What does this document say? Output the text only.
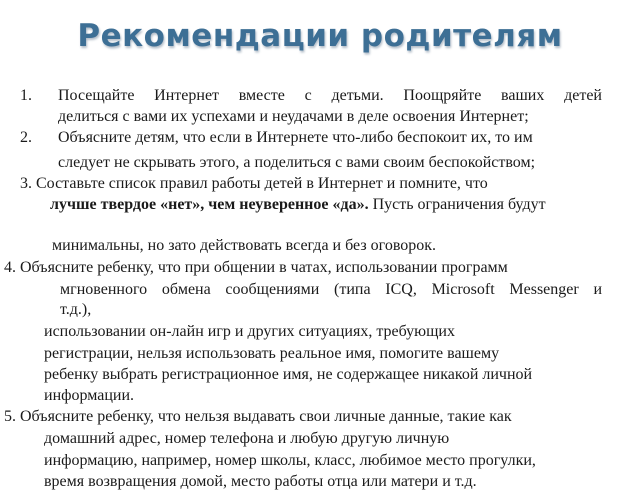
Рекомендации родителям
1. Посещайте Интернет вместе с детьми. Поощряйте ваших детей
делиться с вами их успехами и неудачами в деле освоения Интернет;
2. Объясните детям, что если в Интернете что-либо беспокоит их, то им
следует не скрывать этого, а поделиться с вами своим беспокойством;
3. Составьте список правил работы детей в Интернет и помните, что
лучше твердое «нет», чем неуверенное «да». Пусть ограничения будут
минимальны, но зато действовать всегда и без оговорок.
4. Объясните ребенку, что при общении в чатах, использовании программ
мгновенного обмена сообщениями (типа ICQ, Microsoft Messenger и
т.д.),
использовании он-лайн игр и других ситуациях, требующих
регистрации, нельзя использовать реальное имя, помогите вашему
ребенку выбрать регистрационное имя, не содержащее никакой личной
информации.
5. Объясните ребенку, что нельзя выдавать свои личные данные, такие как
домашний адрес, номер телефона и любую другую личную
информацию, например, номер школы, класс, любимое место прогулки,
время возвращения домой, место работы отца или матери и т.д.
